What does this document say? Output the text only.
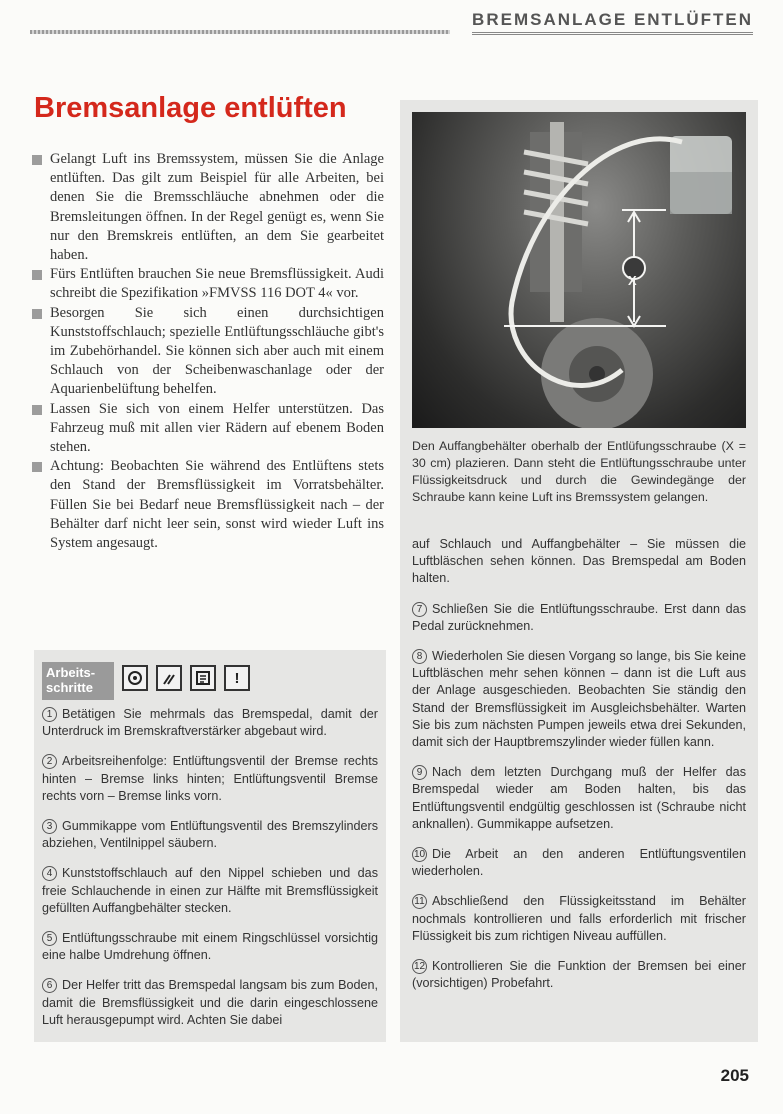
BREMSANLAGE ENTLÜFTEN
Bremsanlage entlüften
Gelangt Luft ins Bremssystem, müssen Sie die Anlage entlüften. Das gilt zum Beispiel für alle Arbeiten, bei denen Sie die Bremsschläuche abnehmen oder die Bremsleitungen öffnen. In der Regel genügt es, wenn Sie nur den Bremskreis entlüften, an dem Sie gearbeitet haben.
Fürs Entlüften brauchen Sie neue Bremsflüssigkeit. Audi schreibt die Spezifikation »FMVSS 116 DOT 4« vor.
Besorgen Sie sich einen durchsichtigen Kunststoffschlauch; spezielle Entlüftungsschläuche gibt's im Zubehörhandel. Sie können sich aber auch mit einem Schlauch von der Scheibenwaschanlage oder der Aquarienbelüftung behelfen.
Lassen Sie sich von einem Helfer unterstützen. Das Fahrzeug muß mit allen vier Rädern auf ebenem Boden stehen.
Achtung: Beobachten Sie während des Entlüftens stets den Stand der Bremsflüssigkeit im Vorratsbehälter. Füllen Sie bei Bedarf neue Bremsflüssigkeit nach – der Behälter darf nicht leer sein, sonst wird wieder Luft ins System angesaugt.
Arbeits-schritte
!
1 Betätigen Sie mehrmals das Bremspedal, damit der Unterdruck im Bremskraftverstärker abgebaut wird.
2 Arbeitsreihenfolge: Entlüftungsventil der Bremse rechts hinten – Bremse links hinten; Entlüftungsventil Bremse rechts vorn – Bremse links vorn.
3 Gummikappe vom Entlüftungsventil des Bremszylinders abziehen, Ventilnippel säubern.
4 Kunststoffschlauch auf den Nippel schieben und das freie Schlauchende in einen zur Hälfte mit Bremsflüssigkeit gefüllten Auffangbehälter stecken.
5 Entlüftungsschraube mit einem Ringschlüssel vorsichtig eine halbe Umdrehung öffnen.
6 Der Helfer tritt das Bremspedal langsam bis zum Boden, damit die Bremsflüssigkeit und die darin eingeschlossene Luft herausgepumpt wird. Achten Sie dabei
X

Den Auffangbehälter oberhalb der Entlüfungsschraube (X = 30 cm) plazieren. Dann steht die Entlüftungsschraube unter Flüssigkeitsdruck und durch die Gewindegänge der Schraube kann keine Luft ins Bremssystem gelangen.

auf Schlauch und Auffangbehälter – Sie müssen die Luftbläschen sehen können. Das Bremspedal am Boden halten.
7 Schließen Sie die Entlüftungsschraube. Erst dann das Pedal zurücknehmen.
8 Wiederholen Sie diesen Vorgang so lange, bis Sie keine Luftbläschen mehr sehen können – dann ist die Luft aus der Anlage ausgeschieden. Beobachten Sie ständig den Stand der Bremsflüssigkeit im Ausgleichsbehälter. Warten Sie bis zum nächsten Pumpen jeweils etwa drei Sekunden, damit sich der Hauptbremszylinder wieder füllen kann.
9 Nach dem letzten Durchgang muß der Helfer das Bremspedal wieder am Boden halten, bis das Entlüftungsventil endgültig geschlossen ist (Schraube nicht anknallen). Gummikappe aufsetzen.
10 Die Arbeit an den anderen Entlüftungsventilen wiederholen.
11 Abschließend den Flüssigkeitsstand im Behälter nochmals kontrollieren und falls erforderlich mit frischer Flüssigkeit bis zum richtigen Niveau auffüllen.
12 Kontrollieren Sie die Funktion der Bremsen bei einer (vorsichtigen) Probefahrt.
205
